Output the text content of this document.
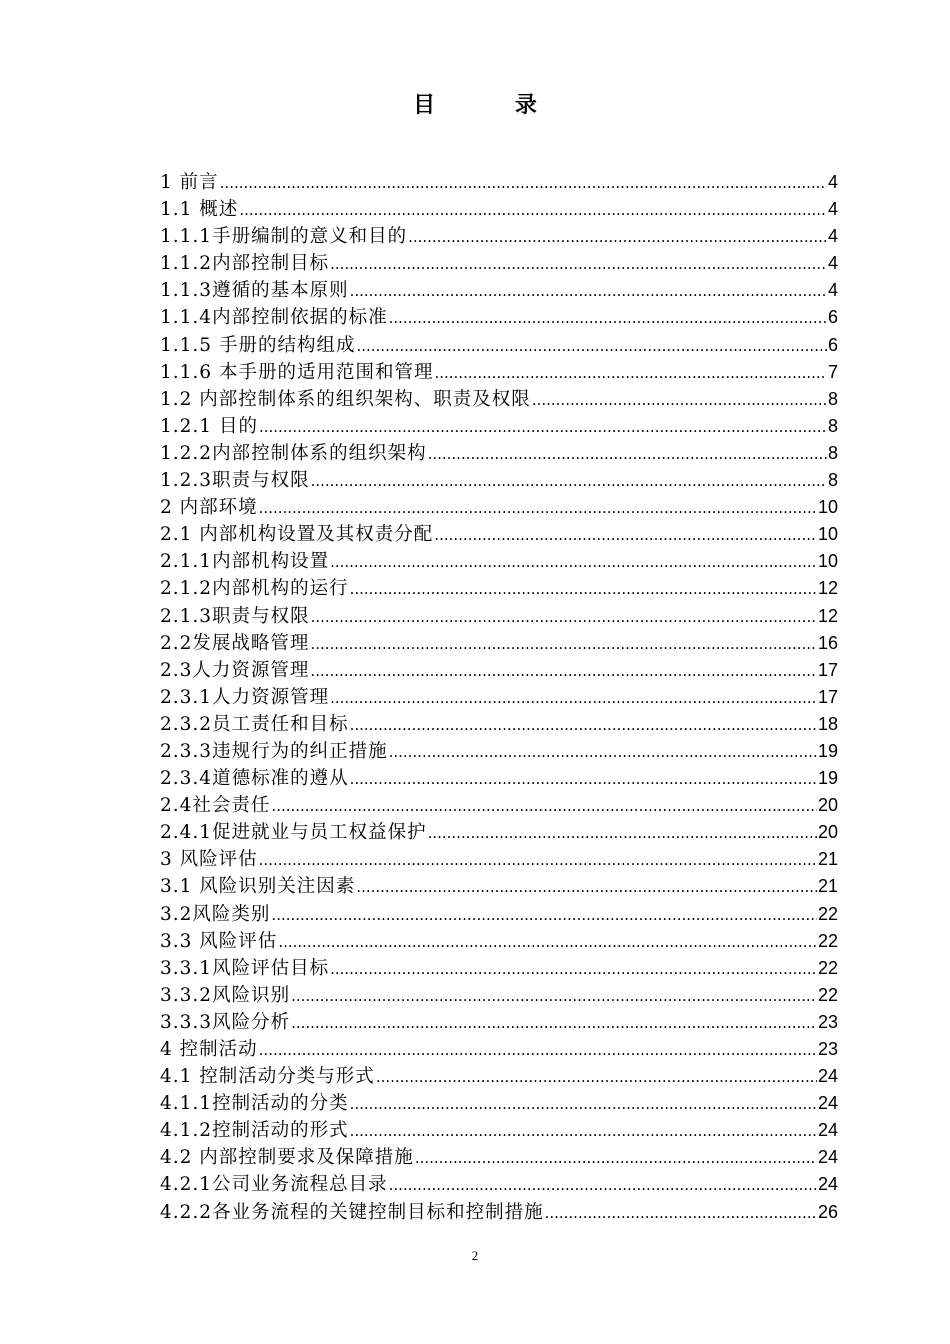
目 录
1 前言 .....	4
1.1 概述 .....	4
1.1.1手册编制的意义和目的 .....	4
1.1.2内部控制目标 .....	4
1.1.3遵循的基本原则 .....	4
1.1.4内部控制依据的标准 .....	6
1.1.5 手册的结构组成 .....	6
1.1.6 本手册的适用范围和管理 .....	7
1.2 内部控制体系的组织架构、职责及权限 .....	8
1.2.1 目的 .....	8
1.2.2内部控制体系的组织架构 .....	8
1.2.3职责与权限 .....	8
2 内部环境 .....	10
2.1 内部机构设置及其权责分配 .....	10
2.1.1内部机构设置 .....	10
2.1.2内部机构的运行 .....	12
2.1.3职责与权限 .....	12
2.2发展战略管理 .....	16
2.3人力资源管理 .....	17
2.3.1人力资源管理 .....	17
2.3.2员工责任和目标 .....	18
2.3.3违规行为的纠正措施 .....	19
2.3.4道德标准的遵从 .....	19
2.4社会责任 .....	20
2.4.1促进就业与员工权益保护 .....	20
3 风险评估 .....	21
3.1 风险识别关注因素 .....	21
3.2风险类别 .....	22
3.3 风险评估 .....	22
3.3.1风险评估目标 .....	22
3.3.2风险识别 .....	22
3.3.3风险分析 .....	23
4 控制活动 .....	23
4.1 控制活动分类与形式 .....	24
4.1.1控制活动的分类 .....	24
4.1.2控制活动的形式 .....	24
4.2 内部控制要求及保障措施 .....	24
4.2.1公司业务流程总目录 .....	24
4.2.2各业务流程的关键控制目标和控制措施 .....	26
2
